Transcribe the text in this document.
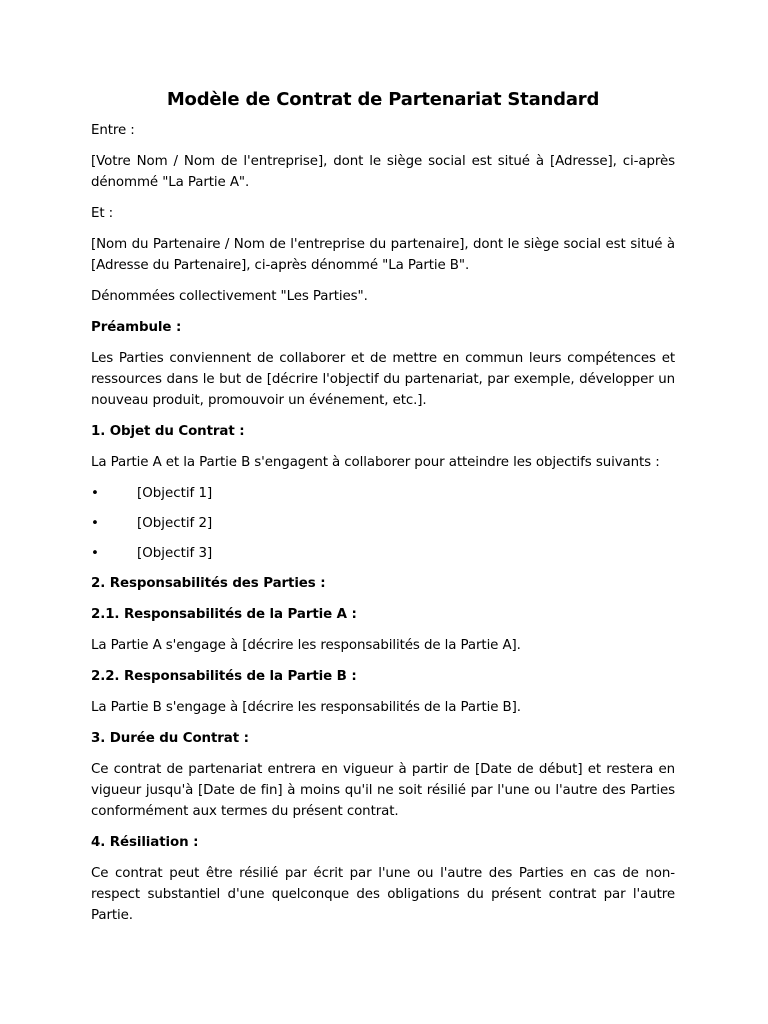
Modèle de Contrat de Partenariat Standard

Entre :

[Votre Nom / Nom de l'entreprise], dont le siège social est situé à [Adresse], ci-après dénommé "La Partie A".

Et :

[Nom du Partenaire / Nom de l'entreprise du partenaire], dont le siège social est situé à [Adresse du Partenaire], ci-après dénommé "La Partie B".

Dénommées collectivement "Les Parties".

Préambule :

Les Parties conviennent de collaborer et de mettre en commun leurs compétences et ressources dans le but de [décrire l'objectif du partenariat, par exemple, développer un nouveau produit, promouvoir un événement, etc.].

1. Objet du Contrat :

La Partie A et la Partie B s'engagent à collaborer pour atteindre les objectifs suivants :

•	[Objectif 1]
•	[Objectif 2]
•	[Objectif 3]

2. Responsabilités des Parties :

2.1. Responsabilités de la Partie A :

La Partie A s'engage à [décrire les responsabilités de la Partie A].

2.2. Responsabilités de la Partie B :

La Partie B s'engage à [décrire les responsabilités de la Partie B].

3. Durée du Contrat :

Ce contrat de partenariat entrera en vigueur à partir de [Date de début] et restera en vigueur jusqu'à [Date de fin] à moins qu'il ne soit résilié par l'une ou l'autre des Parties conformément aux termes du présent contrat.

4. Résiliation :

Ce contrat peut être résilié par écrit par l'une ou l'autre des Parties en cas de non-respect substantiel d'une quelconque des obligations du présent contrat par l'autre Partie.
